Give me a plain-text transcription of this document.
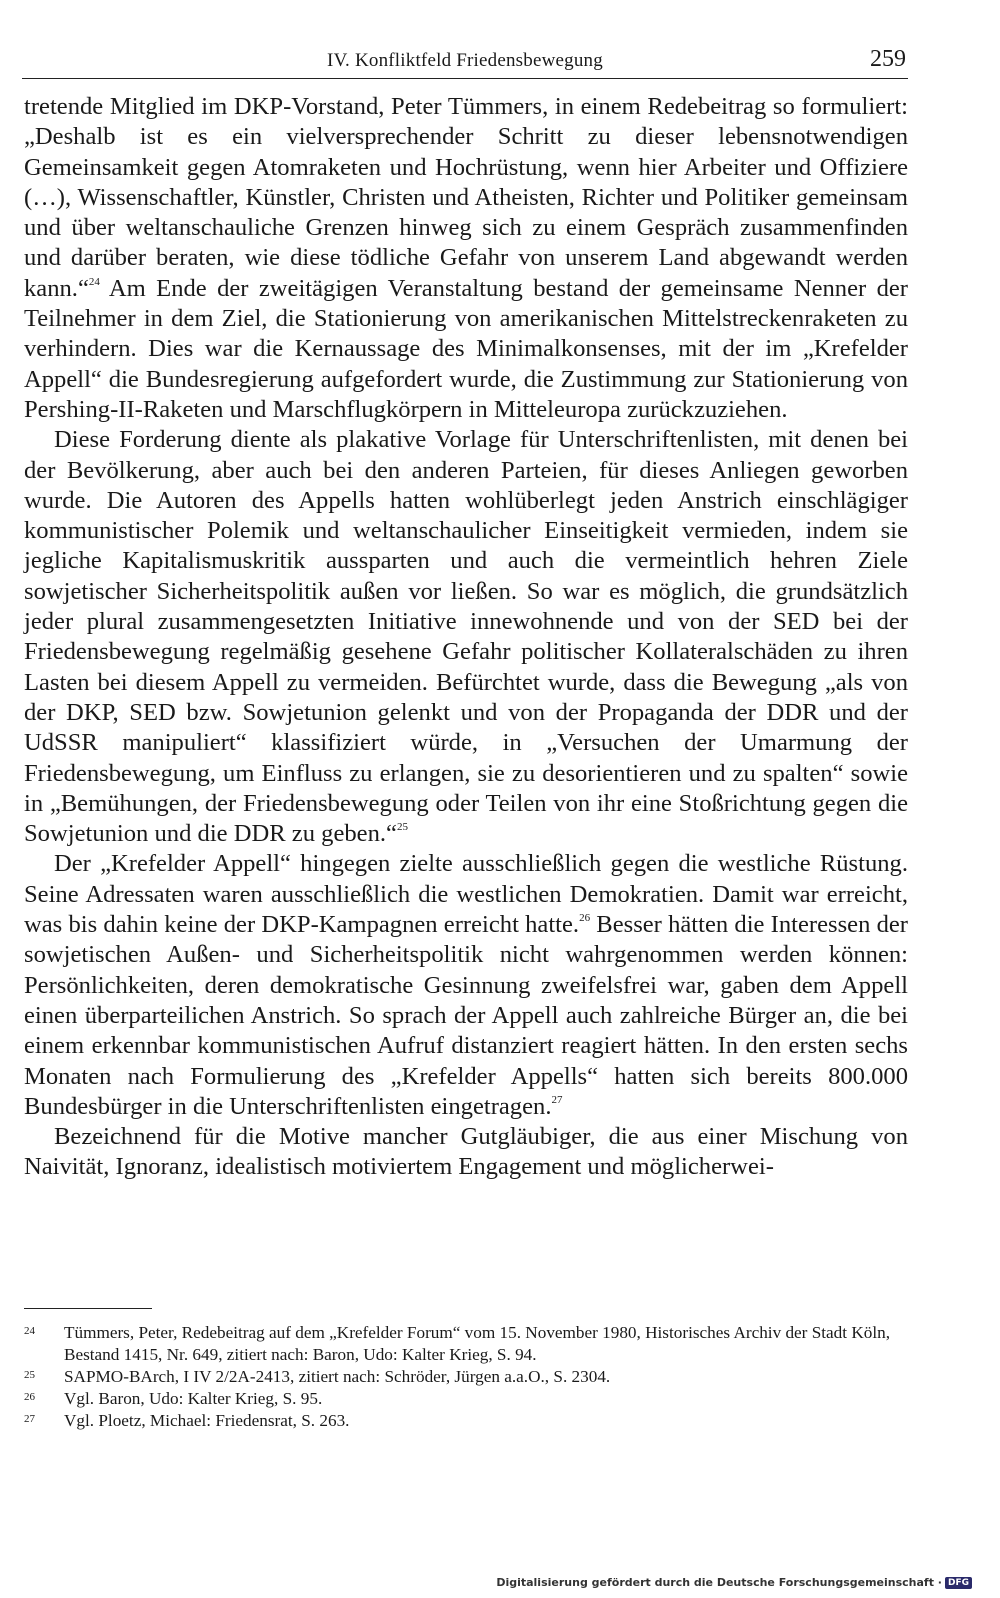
IV. Konfliktfeld Friedensbewegung	259

tretende Mitglied im DKP-Vorstand, Peter Tümmers, in einem Redebeitrag so formuliert: „Deshalb ist es ein vielversprechender Schritt zu dieser lebensnotwendigen Gemeinsamkeit gegen Atomraketen und Hochrüstung, wenn hier Arbeiter und Offiziere (…), Wissenschaftler, Künstler, Christen und Atheisten, Richter und Politiker gemeinsam und über weltanschauliche Grenzen hinweg sich zu einem Gespräch zusammenfinden und darüber beraten, wie diese tödliche Gefahr von unserem Land abgewandt werden kann.“$^{24}$ Am Ende der zweitägigen Veranstaltung bestand der gemeinsame Nenner der Teilnehmer in dem Ziel, die Stationierung von amerikanischen Mittelstreckenraketen zu verhindern. Dies war die Kernaussage des Minimalkonsenses, mit der im „Krefelder Appell“ die Bundesregierung aufgefordert wurde, die Zustimmung zur Stationierung von Pershing-II-Raketen und Marschflugkörpern in Mitteleuropa zurückzuziehen.

Diese Forderung diente als plakative Vorlage für Unterschriftenlisten, mit denen bei der Bevölkerung, aber auch bei den anderen Parteien, für dieses Anliegen geworben wurde. Die Autoren des Appells hatten wohlüberlegt jeden Anstrich einschlägiger kommunistischer Polemik und weltanschaulicher Einseitigkeit vermieden, indem sie jegliche Kapitalismuskritik aussparten und auch die vermeintlich hehren Ziele sowjetischer Sicherheitspolitik außen vor ließen. So war es möglich, die grundsätzlich jeder plural zusammengesetzten Initiative innewohnende und von der SED bei der Friedensbewegung regelmäßig gesehene Gefahr politischer Kollateralschäden zu ihren Lasten bei diesem Appell zu vermeiden. Befürchtet wurde, dass die Bewegung „als von der DKP, SED bzw. Sowjetunion gelenkt und von der Propaganda der DDR und der UdSSR manipuliert“ klassifiziert würde, in „Versuchen der Umarmung der Friedensbewegung, um Einfluss zu erlangen, sie zu desorientieren und zu spalten“ sowie in „Bemühungen, der Friedensbewegung oder Teilen von ihr eine Stoßrichtung gegen die Sowjetunion und die DDR zu geben.“$^{25}$

Der „Krefelder Appell“ hingegen zielte ausschließlich gegen die westliche Rüstung. Seine Adressaten waren ausschließlich die westlichen Demokratien. Damit war erreicht, was bis dahin keine der DKP-Kampagnen erreicht hatte.$^{26}$ Besser hätten die Interessen der sowjetischen Außen- und Sicherheitspolitik nicht wahrgenommen werden können: Persönlichkeiten, deren demokratische Gesinnung zweifelsfrei war, gaben dem Appell einen überparteilichen Anstrich. So sprach der Appell auch zahlreiche Bürger an, die bei einem erkennbar kommunistischen Aufruf distanziert reagiert hätten. In den ersten sechs Monaten nach Formulierung des „Krefelder Appells“ hatten sich bereits 800.000 Bundesbürger in die Unterschriftenlisten eingetragen.$^{27}$

Bezeichnend für die Motive mancher Gutgläubiger, die aus einer Mischung von Naivität, Ignoranz, idealistisch motiviertem Engagement und möglicherwei-

24	Tümmers, Peter, Redebeitrag auf dem „Krefelder Forum“ vom 15. November 1980, Historisches Archiv der Stadt Köln, Bestand 1415, Nr. 649, zitiert nach: Baron, Udo: Kalter Krieg, S. 94.
25	SAPMO-BArch, I IV 2/2A-2413, zitiert nach: Schröder, Jürgen a.a.O., S. 2304.
26	Vgl. Baron, Udo: Kalter Krieg, S. 95.
27	Vgl. Ploetz, Michael: Friedensrat, S. 263.
Digitalisierung gefördert durch die Deutsche Forschungsgemeinschaft · DFG
